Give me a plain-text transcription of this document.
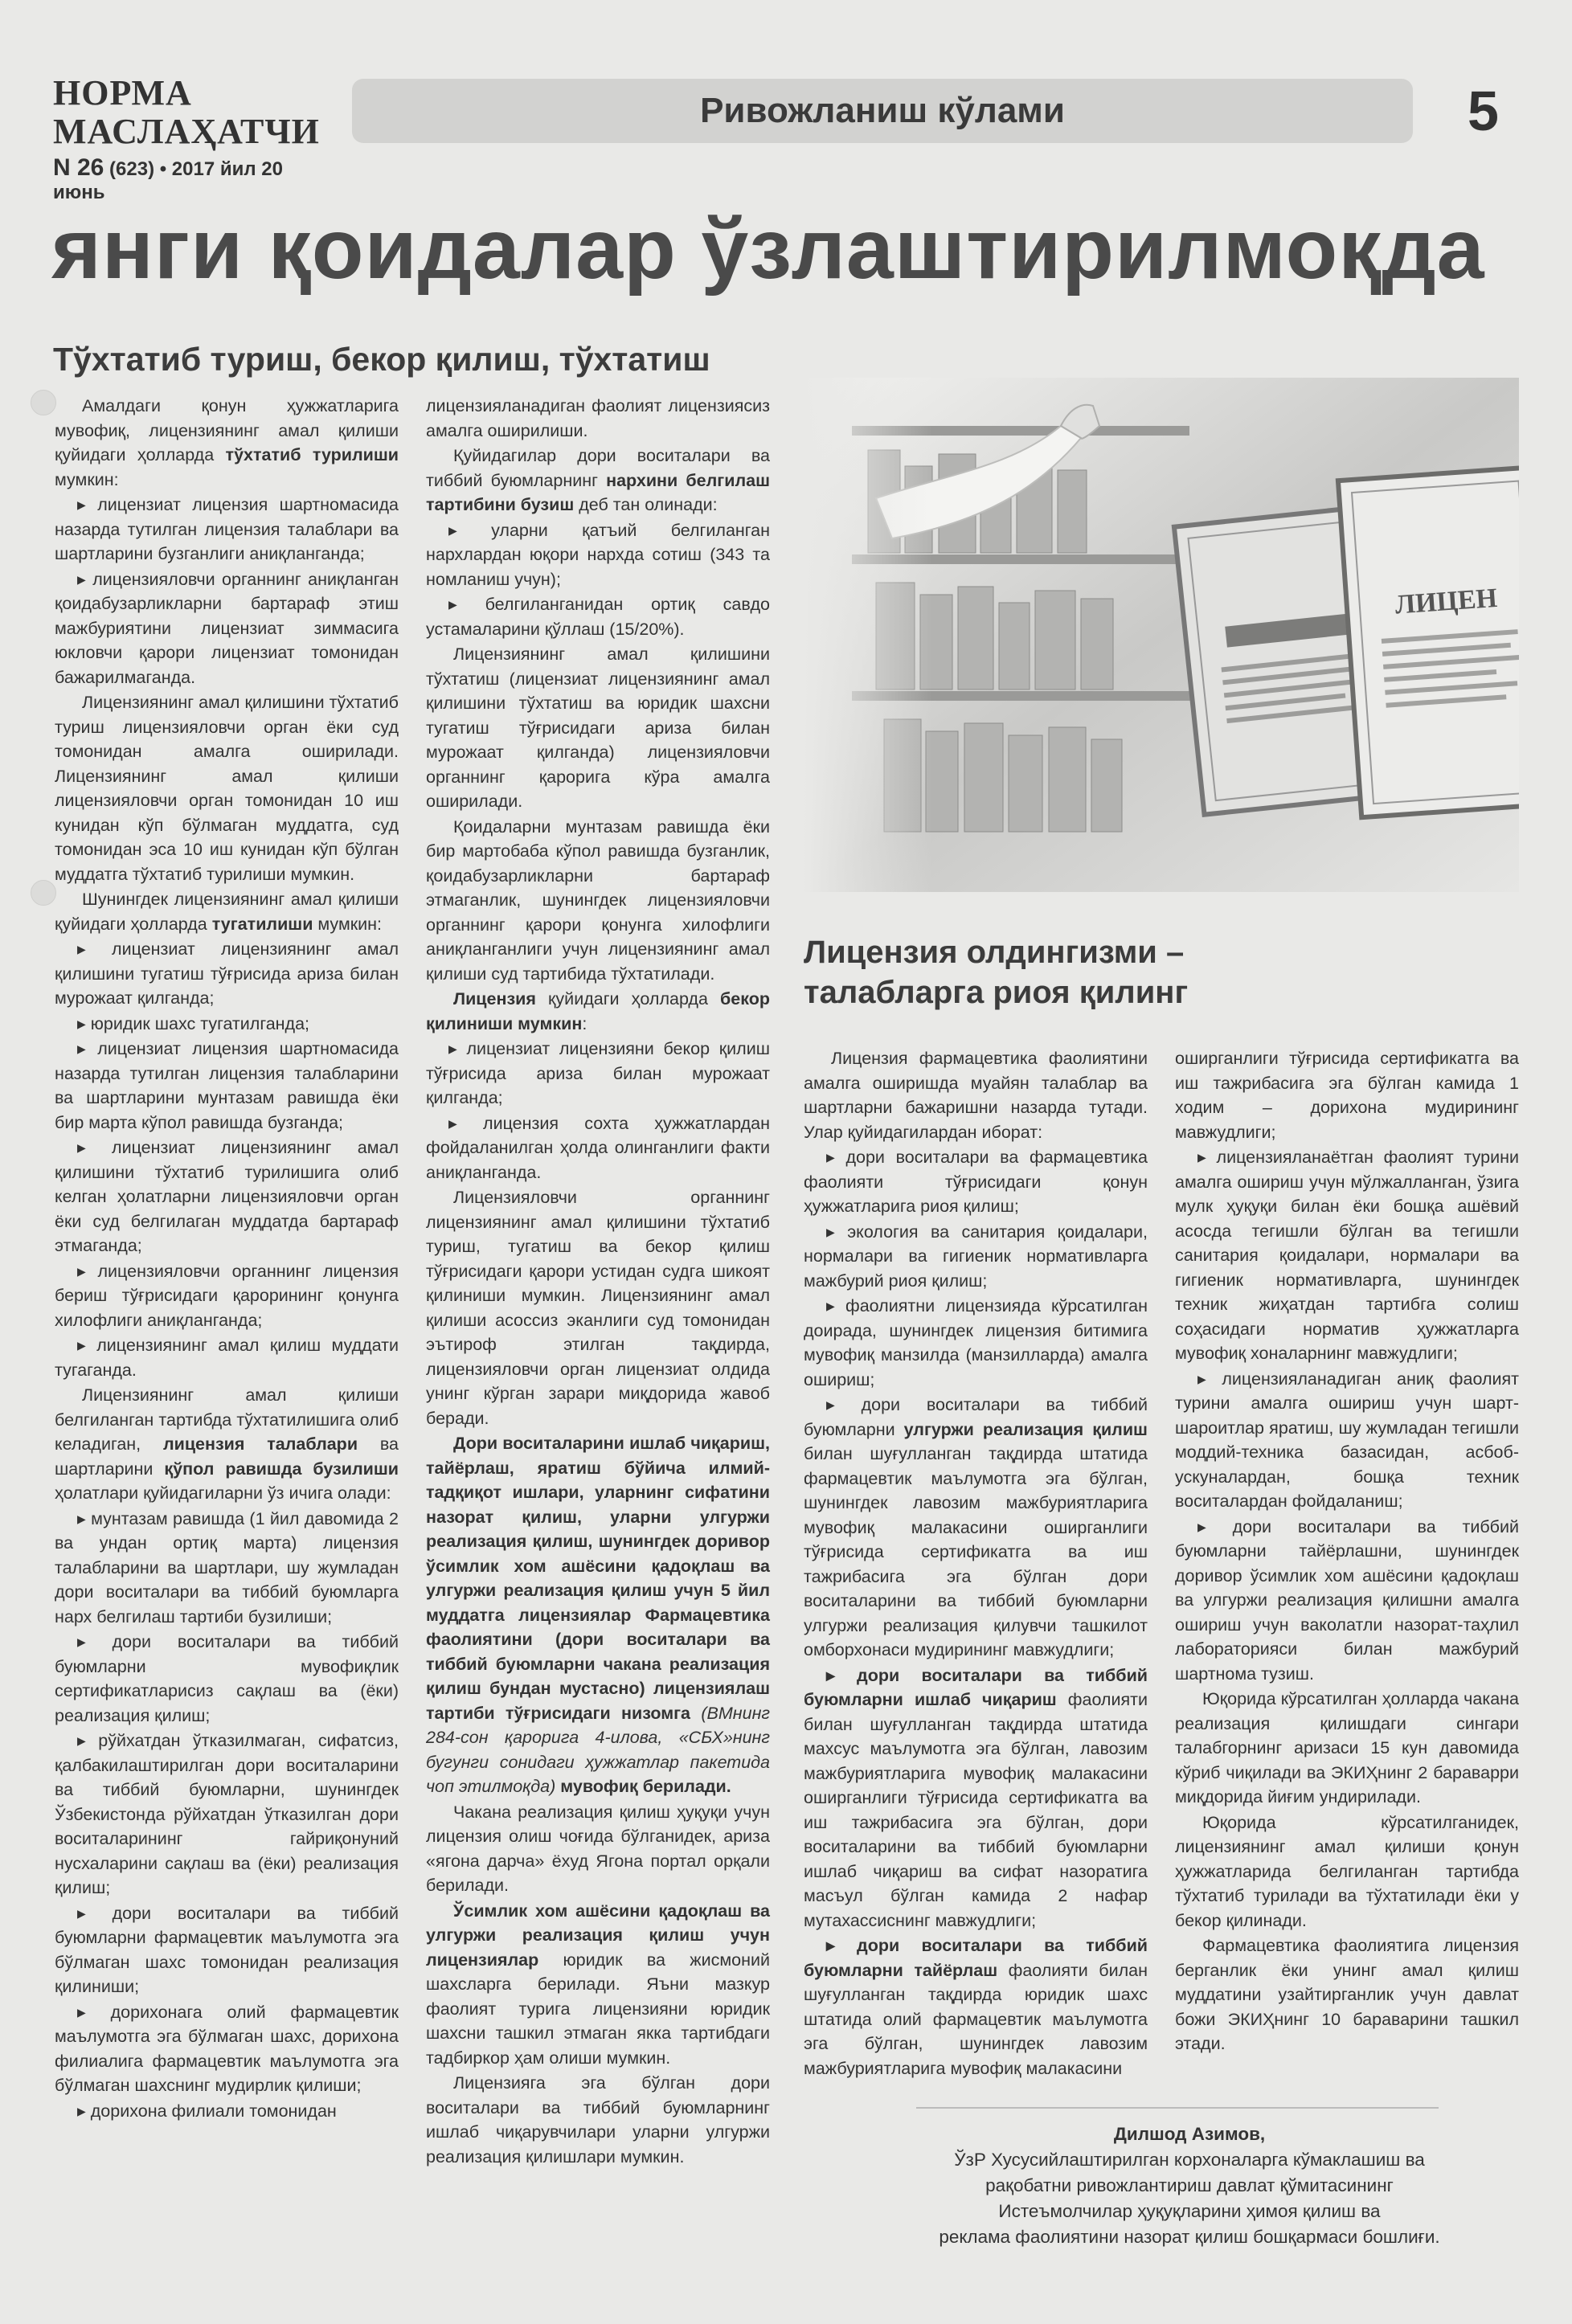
НОРМА МАСЛАҲАТЧИ
N 26 (623) • 2017 йил 20 июнь
Ривожланиш кўлами	5
янги қоидалар ўзлаштирилмоқда
Тўхтатиб туриш, бекор қилиш, тўхтатиш

Амалдаги қонун ҳужжатларига мувофиқ, лицензиянинг амал қилиши қуйидаги ҳолларда тўхтатиб турилиши мумкин:

▸ лицензиат лицензия шартномасида назарда тутилган лицензия талаблари ва шартларини бузганлиги аниқланганда;

▸ лицензияловчи органнинг аниқланган қоидабузарликларни бартараф этиш мажбуриятини лицензиат зиммасига юкловчи қарори лицензиат томонидан бажарилмаганда.

Лицензиянинг амал қилишини тўхтатиб туриш лицензияловчи орган ёки суд томонидан амалга оширилади. Лицензиянинг амал қилиши лицензияловчи орган томонидан 10 иш кунидан кўп бўлмаган муддатга, суд томонидан эса 10 иш кунидан кўп бўлган муддатга тўхтатиб турилиши мумкин.

Шунингдек лицензиянинг амал қилиши қуйидаги ҳолларда тугатилиши мумкин:

▸ лицензиат лицензиянинг амал қилишини тугатиш тўғрисида ариза билан мурожаат қилганда;

▸ юридик шахс тугатилганда;

▸ лицензиат лицензия шартномасида назарда тутилган лицензия талабларини ва шартларини мунтазам равишда ёки бир марта кўпол равишда бузганда;

▸ лицензиат лицензиянинг амал қилишини тўхтатиб турилишига олиб келган ҳолатларни лицензияловчи орган ёки суд белгилаган муддатда бартараф этмаганда;

▸ лицензияловчи органнинг лицензия бериш тўғрисидаги қарорининг қонунга хилофлиги аниқланганда;

▸ лицензиянинг амал қилиш муддати тугаганда.

Лицензиянинг амал қилиши белгиланган тартибда тўхтатилишига олиб келадиган, лицензия талаблари ва шартларини қўпол равишда бузилиши ҳолатлари қуйидагиларни ўз ичига олади:

▸ мунтазам равишда (1 йил давомида 2 ва ундан ортиқ марта) лицензия талабларини ва шартлари, шу жумладан дори воситалари ва тиббий буюмларга нарх белгилаш тартиби бузилиши;

▸ дори воситалари ва тиббий буюмларни мувофиқлик сертификатларисиз сақлаш ва (ёки) реализация қилиш;

▸ рўйхатдан ўтказилмаган, сифатсиз, қалбакилаштирилган дори воситаларини ва тиббий буюмларни, шунингдек Ўзбекистонда рўйхатдан ўтказилган дори воситаларининг гайриқонуний нусхаларини сақлаш ва (ёки) реализация қилиш;

▸ дори воситалари ва тиббий буюмларни фармацевтик маълумотга эга бўлмаган шахс томонидан реализация қилиниши;

▸ дорихонага олий фармацевтик маълумотга эга бўлмаган шахс, дорихона филиалига фармацевтик маълумотга эга бўлмаган шахснинг мудирлик қилиши;

▸ дорихона филиали томонидан

лицензияланадиган фаолият лицензиясиз амалга оширилиши.

Қуйидагилар дори воситалари ва тиббий буюмларнинг нархини белгилаш тартибини бузиш деб тан олинади:

▸ уларни қатъий белгиланган нархлардан юқори нархда сотиш (343 та номланиш учун);

▸ белгиланганидан ортиқ савдо устамаларини қўллаш (15/20%).

Лицензиянинг амал қилишини тўхтатиш (лицензиат лицензиянинг амал қилишини тўхтатиш ва юридик шахсни тугатиш тўғрисидаги ариза билан мурожаат қилганда) лицензияловчи органнинг қарорига кўра амалга оширилади.

Қоидаларни мунтазам равишда ёки бир мартобаба кўпол равишда бузганлик, қоидабузарликларни бартараф этмаганлик, шунингдек лицензияловчи органнинг қарори қонунга хилофлиги аниқланганлиги учун лицензиянинг амал қилиши суд тартибида тўхтатилади.

Лицензия қуйидаги ҳолларда бекор қилиниши мумкин:

▸ лицензиат лицензияни бекор қилиш тўғрисида ариза билан мурожаат қилганда;

▸ лицензия сохта ҳужжатлардан фойдаланилган ҳолда олинганлиги факти аниқланганда.

Лицензияловчи органнинг лицензиянинг амал қилишини тўхтатиб туриш, тугатиш ва бекор қилиш тўғрисидаги қарори устидан судга шикоят қилиниши мумкин. Лицензиянинг амал қилиши асоссиз эканлиги суд томонидан эътироф этилган тақдирда, лицензияловчи орган лицензиат олдида унинг кўрган зарари миқдорида жавоб беради.

Дори воситаларини ишлаб чиқариш, тайёрлаш, яратиш бўйича илмий-тадқиқот ишлари, уларнинг сифатини назорат қилиш, уларни улгуржи реализация қилиш, шунингдек доривор ўсимлик хом ашёсини қадоқлаш ва улгуржи реализация қилиш учун 5 йил муддатга лицензиялар Фармацевтика фаолиятини (дори воситалари ва тиббий буюмларни чакана реализация қилиш бундан мустасно) лицензиялаш тартиби тўғрисидаги низомга (ВМнинг 284-сон қарорига 4-илова, «СБХ»нинг бугунги сонидаги ҳужжатлар пакетида чоп этилмоқда) мувофиқ берилади.

Чакана реализация қилиш ҳуқуқи учун лицензия олиш чоғида бўлганидек, ариза «ягона дарча» ёхуд Ягона портал орқали берилади.

Ўсимлик хом ашёсини қадоқлаш ва улгуржи реализация қилиш учун лицензиялар юридик ва жисмоний шахсларга берилади. Яъни мазкур фаолият турига лицензияни юридик шахсни ташкил этмаган якка тартибдаги тадбиркор ҳам олиши мумкин.

Лицензияга эга бўлган дори воситалари ва тиббий буюмларнинг ишлаб чиқарувчилари уларни улгуржи реализация қилишлари мумкин.

Лицензия олдингизми –
талабларга риоя қилинг

Лицензия фармацевтика фаолиятини амалга оширишда муайян талаблар ва шартларни бажаришни назарда тутади. Улар қуйидагилардан иборат:

▸ дори воситалари ва фармацевтика фаолияти тўғрисидаги қонун ҳужжатларига риоя қилиш;

▸ экология ва санитария қоидалари, нормалари ва гигиеник нормативларга мажбурий риоя қилиш;

▸ фаолиятни лицензияда кўрсатилган доирада, шунингдек лицензия битимига мувофиқ манзилда (манзилларда) амалга ошириш;

▸ дори воситалари ва тиббий буюмларни улгуржи реализация қилиш билан шуғулланган тақдирда штатида фармацевтик маълумотга эга бўлган, шунингдек лавозим мажбуриятларига мувофиқ малакасини оширганлиги тўғрисида сертификатга ва иш тажрибасига эга бўлган дори воситаларини ва тиббий буюмларни улгуржи реализация қилувчи ташкилот омборхонаси мудирининг мавжудлиги;

▸ дори воситалари ва тиббий буюмларни ишлаб чиқариш фаолияти билан шуғулланган тақдирда штатида махсус маълумотга эга бўлган, лавозим мажбуриятларига мувофиқ малакасини оширганлиги тўғрисида сертификатга ва иш тажрибасига эга бўлган, дори воситаларини ва тиббий буюмларни ишлаб чиқариш ва сифат назоратига масъул бўлган камида 2 нафар мутахассиснинг мавжудлиги;

▸ дори воситалари ва тиббий буюмларни тайёрлаш фаолияти билан шуғулланган тақдирда юридик шахс штатида олий фармацевтик маълумотга эга бўлган, шунингдек лавозим мажбуриятларига мувофиқ малакасини

оширганлиги тўғрисида сертификатга ва иш тажрибасига эга бўлган камида 1 ходим – дорихона мудирининг мавжудлиги;

▸ лицензияланаётган фаолият турини амалга ошириш учун мўлжалланган, ўзига мулк ҳуқуқи билан ёки бошқа ашёвий асосда тегишли бўлган ва тегишли санитария қоидалари, нормалари ва гигиеник нормативларга, шунингдек техник жиҳатдан тартибга солиш соҳасидаги норматив ҳужжатларга мувофиқ хоналарнинг мавжудлиги;

▸ лицензияланадиган аниқ фаолият турини амалга ошириш учун шарт-шароитлар яратиш, шу жумладан тегишли моддий-техника базасидан, асбоб-ускуналардан, бошқа техник воситалардан фойдаланиш;

▸ дори воситалари ва тиббий буюмларни тайёрлашни, шунингдек доривор ўсимлик хом ашёсини қадоқлаш ва улгуржи реализация қилишни амалга ошириш учун ваколатли назорат-таҳлил лабораторияси билан мажбурий шартнома тузиш.

Юқорида кўрсатилган ҳолларда чакана реализация қилишдаги сингари талабгорнинг аризаси 15 кун давомида кўриб чиқилади ва ЭКИҲнинг 2 бараварри миқдорида йиғим ундирилади.

Юқорида кўрсатилганидек, лицензиянинг амал қилиши қонун ҳужжатларида белгиланган тартибда тўхтатиб турилади ва тўхтатилади ёки у бекор қилинади.

Фармацевтика фаолиятига лицензия берганлик ёки унинг амал қилиш муддатини узайтирганлик учун давлат божи ЭКИҲнинг 10 бараварини ташкил этади.

Дилшод Азимов,
ЎзР Хусусийлаштирилган корхоналарга кўмаклашиш ва
рақобатни ривожлантириш давлат қўмитасининг
Истеъмолчилар ҳуқуқларини ҳимоя қилиш ва
реклама фаолиятини назорат қилиш бошқармаси бошлиғи.
